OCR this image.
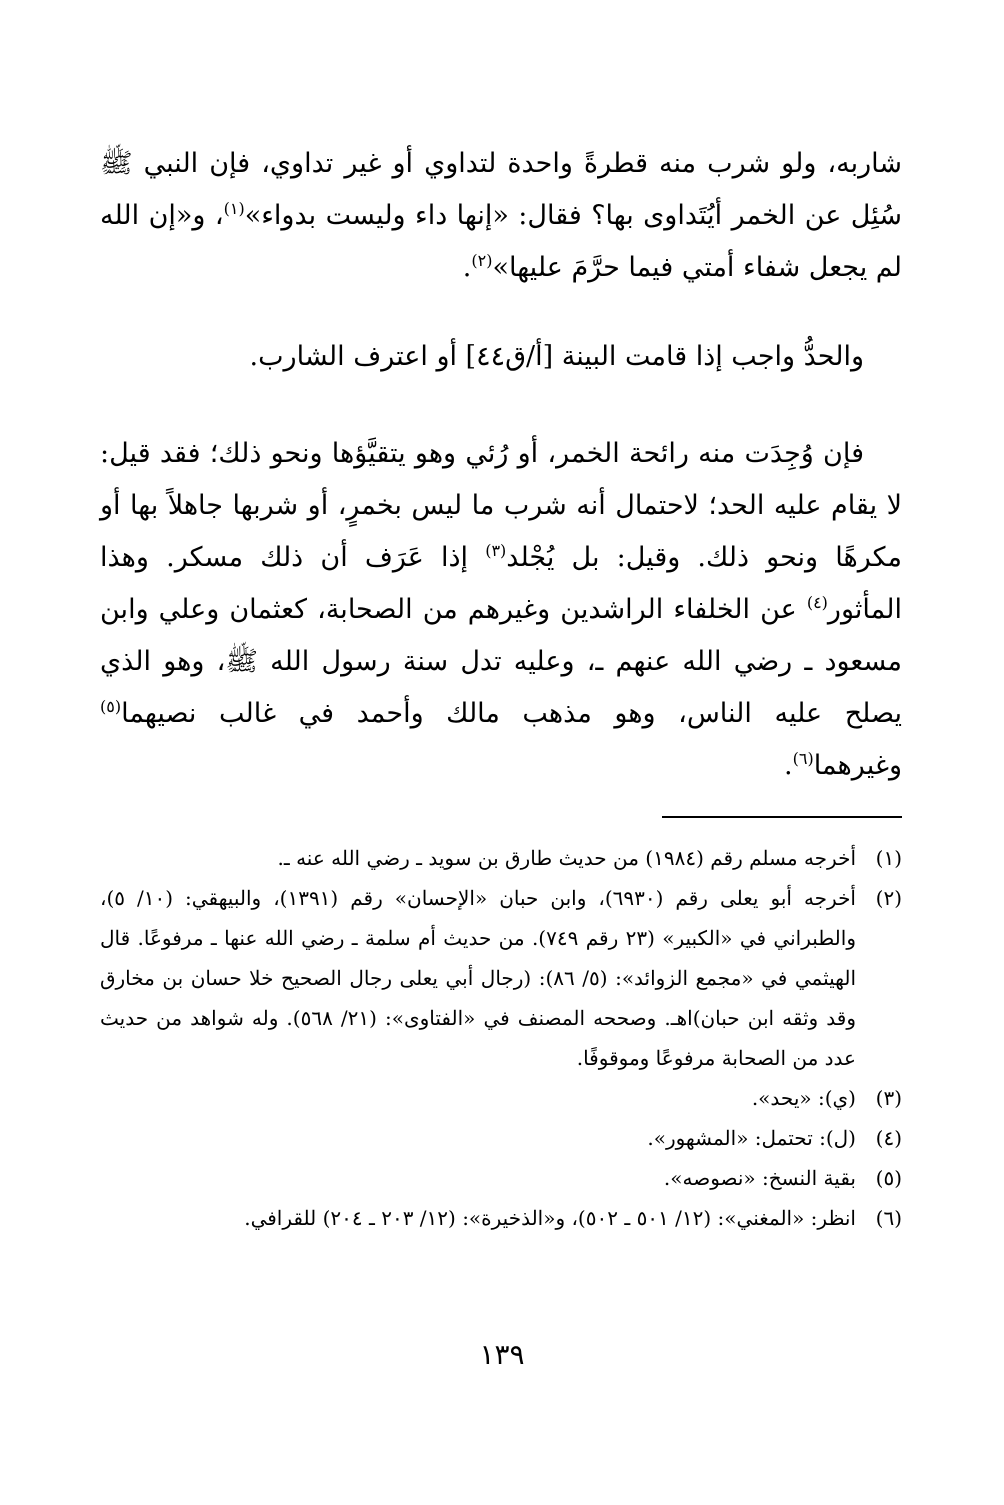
شاربه، ولو شرب منه قطرةً واحدة لتداوي أو غير تداوي، فإن النبي ﷺ سُئِل عن الخمر أيُتَداوى بها؟ فقال: «إنها داء وليست بدواء»$^{(١)}$، و«إن الله لم يجعل شفاء أمتي فيما حرَّمَ عليها»$^{(٢)}$.

والحدُّ واجب إذا قامت البينة [أ/ق٤٤] أو اعترف الشارب.

فإن وُجِدَت منه رائحة الخمر، أو رُئي وهو يتقيَّؤها ونحو ذلك؛ فقد قيل: لا يقام عليه الحد؛ لاحتمال أنه شرب ما ليس بخمرٍ، أو شربها جاهلاً بها أو مكرهًا ونحو ذلك. وقيل: بل يُجْلد$^{(٣)}$ إذا عَرَف أن ذلك مسكر. وهذا المأثور$^{(٤)}$ عن الخلفاء الراشدين وغيرهم من الصحابة، كعثمان وعلي وابن مسعود ـ رضي الله عنهم ـ، وعليه تدل سنة رسول الله ﷺ، وهو الذي يصلح عليه الناس، وهو مذهب مالك وأحمد في غالب نصيهما$^{(٥)}$ وغيرهما$^{(٦)}$.

(١)
أخرجه مسلم رقم (١٩٨٤) من حديث طارق بن سويد ـ رضي الله عنه ـ.
(٢)
أخرجه أبو يعلى رقم (٦٩٣٠)، وابن حبان «الإحسان» رقم (١٣٩١)، والبيهقي: (١٠/ ٥)، والطبراني في «الكبير» (٢٣ رقم ٧٤٩). من حديث أم سلمة ـ رضي الله عنها ـ مرفوعًا. قال الهيثمي في «مجمع الزوائد»: (٥/ ٨٦): (رجال أبي يعلى رجال الصحيح خلا حسان بن مخارق وقد وثقه ابن حبان)اهـ. وصححه المصنف في «الفتاوى»: (٢١/ ٥٦٨). وله شواهد من حديث عدد من الصحابة مرفوعًا وموقوفًا.
(٣)
(ي): «يحد».
(٤)
(ل): تحتمل: «المشهور».
(٥)
بقية النسخ: «نصوصه».
(٦)
انظر: «المغني»: (١٢/ ٥٠١ ـ ٥٠٢)، و«الذخيرة»: (١٢/ ٢٠٣ ـ ٢٠٤) للقرافي.
١٣٩
